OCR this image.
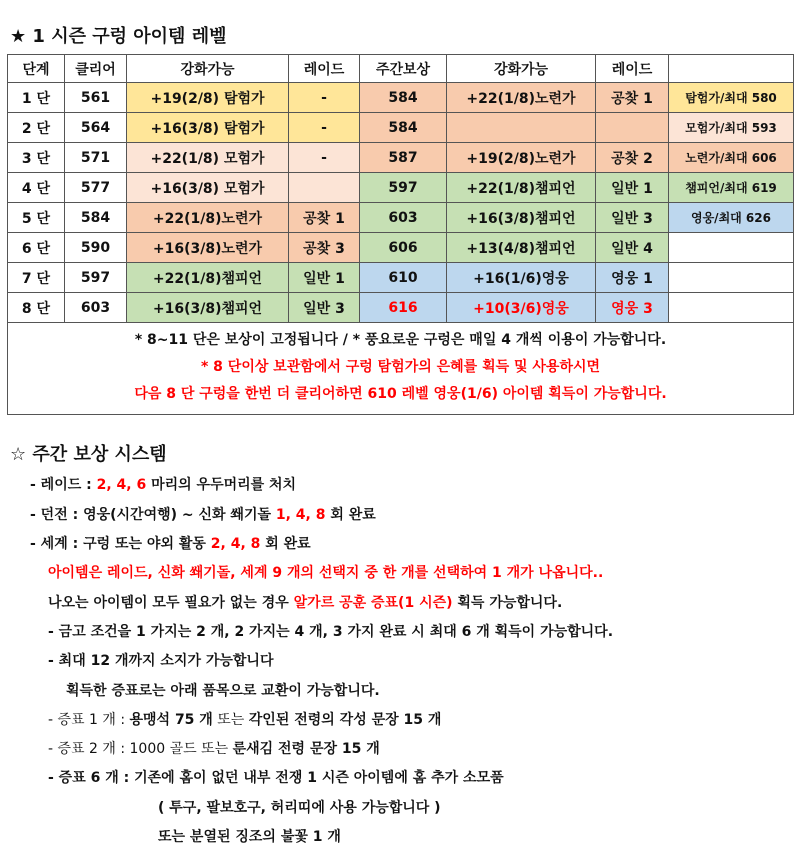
★ 1 시즌 구렁 아이템 레벨
단계	클리어	강화가능	레이드	주간보상	강화가능	레이드	등급별 레벨
1 단	561	+19(2/8) 탐험가	-	584	+22(1/8)노련가	공찾 1	탐험가/최대 580
2 단	564	+16(3/8) 탐험가	-	584			모험가/최대 593
3 단	571	+22(1/8) 모험가	-	587	+19(2/8)노련가	공찾 2	노련가/최대 606
4 단	577	+16(3/8) 모험가		597	+22(1/8)챔피언	일반 1	챔피언/최대 619
5 단	584	+22(1/8)노련가	공찾 1	603	+16(3/8)챔피언	일반 3	영웅/최대 626
6 단	590	+16(3/8)노련가	공찾 3	606	+13(4/8)챔피언	일반 4	
7 단	597	+22(1/8)챔피언	일반 1	610	+16(1/6)영웅	영웅 1	
8 단	603	+16(3/8)챔피언	일반 3	616	+10(3/6)영웅	영웅 3	

* 8~11 단은 보상이 고정됩니다 / * 풍요로운 구렁은 매일 4 개씩 이용이 가능합니다.
* 8 단이상 보관함에서 구렁 탐험가의 은혜를 획득 및 사용하시면
다음 8 단 구렁을 한번 더 클리어하면 610 레벨 영웅(1/6) 아이템 획득이 가능합니다.							
☆ 주간 보상 시스템
- 레이드 : 2, 4, 6 마리의 우두머리를 처치
- 던전 : 영웅(시간여행) ~ 신화 쐐기돌 1, 4, 8 회 완료
- 세계 : 구렁 또는 야외 활동 2, 4, 8 회 완료
아이템은 레이드, 신화 쐐기돌, 세계 9 개의 선택지 중 한 개를 선택하여 1 개가 나옵니다..
나오는 아이템이 모두 필요가 없는 경우 알가르 공훈 증표(1 시즌) 획득 가능합니다.
- 금고 조건을 1 가지는 2 개, 2 가지는 4 개, 3 가지 완료 시 최대 6 개 획득이 가능합니다.
- 최대 12 개까지 소지가 가능합니다
획득한 증표로는 아래 품목으로 교환이 가능합니다.
- 증표 1 개 : 용맹석 75 개 또는 각인된 전령의 각성 문장 15 개
- 증표 2 개 : 1000 골드 또는 룬새김 전령 문장 15 개
- 증표 6 개 : 기존에 홈이 없던 내부 전쟁 1 시즌 아이템에 홈 추가 소모품
( 투구, 팔보호구, 허리띠에 사용 가능합니다 )
또는 분열된 징조의 불꽃 1 개
